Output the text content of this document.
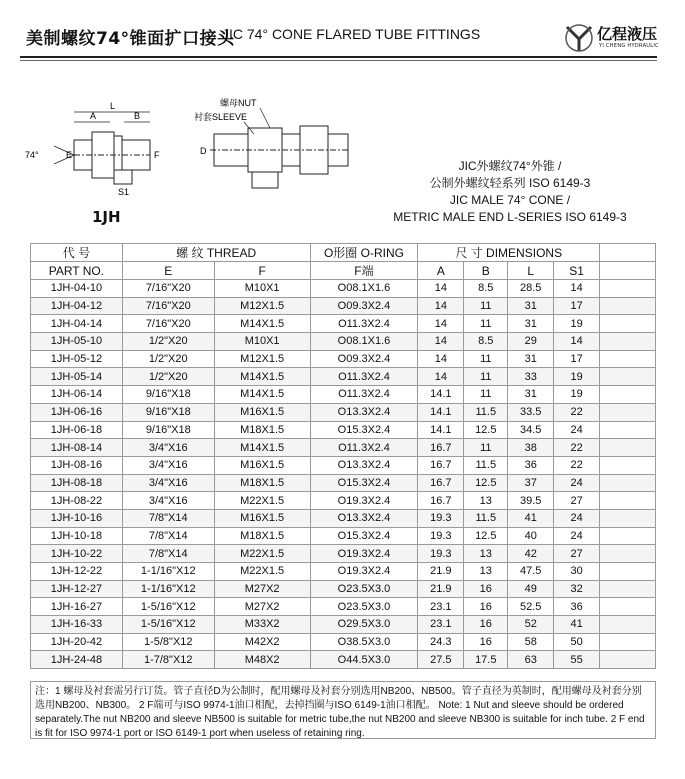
美制螺纹74°锥面扩口接头
JIC 74° CONE FLARED TUBE FITTINGS	亿程液压
YI CHENG HYDRAULIC
L
A	B
74°	E	F
S1
螺母NUT
衬套SLEEVE
D
1JH
JIC外螺纹74°外锥 /
公制外螺纹轻系列 ISO 6149-3
JIC MALE 74° CONE /
METRIC MALE END L-SERIES ISO 6149-3
代 号	螺 纹 THREAD		O形圈 O-RING	尺 寸 DIMENSIONS				
PART NO.	E	F	F端	A	B	L	S1	
1JH-04-10	7/16"X20	M10X1	O08.1X1.6	14	8.5	28.5	14	
1JH-04-12	7/16"X20	M12X1.5	O09.3X2.4	14	11	31	17	
1JH-04-14	7/16"X20	M14X1.5	O11.3X2.4	14	11	31	19	
1JH-05-10	1/2"X20	M10X1	O08.1X1.6	14	8.5	29	14	
1JH-05-12	1/2"X20	M12X1.5	O09.3X2.4	14	11	31	17	
1JH-05-14	1/2"X20	M14X1.5	O11.3X2.4	14	11	33	19	
1JH-06-14	9/16"X18	M14X1.5	O11.3X2.4	14.1	11	31	19	
1JH-06-16	9/16"X18	M16X1.5	O13.3X2.4	14.1	11.5	33.5	22	
1JH-06-18	9/16"X18	M18X1.5	O15.3X2.4	14.1	12.5	34.5	24	
1JH-08-14	3/4"X16	M14X1.5	O11.3X2.4	16.7	11	38	22	
1JH-08-16	3/4"X16	M16X1.5	O13.3X2.4	16.7	11.5	36	22	
1JH-08-18	3/4"X16	M18X1.5	O15.3X2.4	16.7	12.5	37	24	
1JH-08-22	3/4"X16	M22X1.5	O19.3X2.4	16.7	13	39.5	27	
1JH-10-16	7/8"X14	M16X1.5	O13.3X2.4	19.3	11.5	41	24	
1JH-10-18	7/8"X14	M18X1.5	O15.3X2.4	19.3	12.5	40	24	
1JH-10-22	7/8"X14	M22X1.5	O19.3X2.4	19.3	13	42	27	
1JH-12-22	1-1/16"X12	M22X1.5	O19.3X2.4	21.9	13	47.5	30	
1JH-12-27	1-1/16"X12	M27X2	O23.5X3.0	21.9	16	49	32	
1JH-16-27	1-5/16"X12	M27X2	O23.5X3.0	23.1	16	52.5	36	
1JH-16-33	1-5/16"X12	M33X2	O29.5X3.0	23.1	16	52	41	
1JH-20-42	1-5/8"X12	M42X2	O38.5X3.0	24.3	16	58	50	
1JH-24-48	1-7/8"X12	M48X2	O44.5X3.0	27.5	17.5	63	55	
注：1 螺母及衬套需另行订货。管子直径D为公制时，配用螺母及衬套分别选用NB200、NB500。管子直径为英制时，配用螺母及衬套分别选用NB200、NB300。 2 F端可与ISO 9974-1油口相配，去掉挡圈与ISO 6149-1油口相配。 Note: 1 Nut and sleeve should be ordered separately.The nut NB200 and sleeve NB500 is suitable for metric tube,the nut NB200 and sleeve NB300 is suitable for inch tube. 2 F end is fit for ISO 9974-1 port or ISO 6149-1 port when useless of retaining ring.
